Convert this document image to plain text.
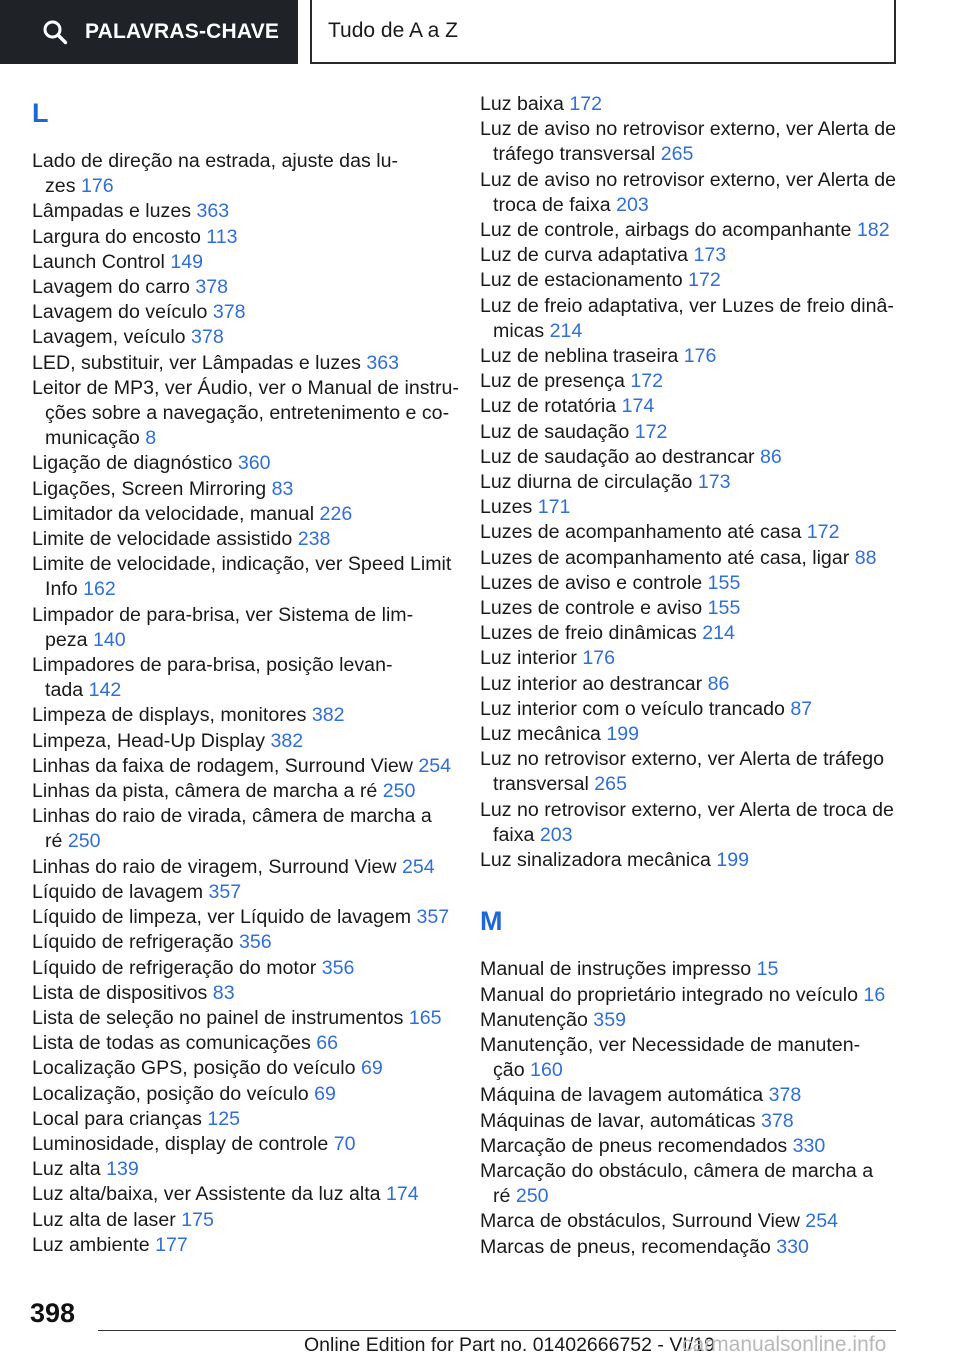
PALAVRAS-CHAVE Tudo de A a Z
L
Lado de direção na estrada, ajuste das lu-
zes 176
Lâmpadas e luzes 363
Largura do encosto 113
Launch Control 149
Lavagem do carro 378
Lavagem do veículo 378
Lavagem, veículo 378
LED, substituir, ver Lâmpadas e luzes 363
Leitor de MP3, ver Áudio, ver o Manual de instru-
ções sobre a navegação, entretenimento e co-
municação 8
Ligação de diagnóstico 360
Ligações, Screen Mirroring 83
Limitador da velocidade, manual 226
Limite de velocidade assistido 238
Limite de velocidade, indicação, ver Speed Limit
Info 162
Limpador de para-brisa, ver Sistema de lim-
peza 140
Limpadores de para-brisa, posição levan-
tada 142
Limpeza de displays, monitores 382
Limpeza, Head-Up Display 382
Linhas da faixa de rodagem, Surround View 254
Linhas da pista, câmera de marcha a ré 250
Linhas do raio de virada, câmera de marcha a
ré 250
Linhas do raio de viragem, Surround View 254
Líquido de lavagem 357
Líquido de limpeza, ver Líquido de lavagem 357
Líquido de refrigeração 356
Líquido de refrigeração do motor 356
Lista de dispositivos 83
Lista de seleção no painel de instrumentos 165
Lista de todas as comunicações 66
Localização GPS, posição do veículo 69
Localização, posição do veículo 69
Local para crianças 125
Luminosidade, display de controle 70
Luz alta 139
Luz alta/baixa, ver Assistente da luz alta 174
Luz alta de laser 175
Luz ambiente 177
Luz baixa 172
Luz de aviso no retrovisor externo, ver Alerta de
tráfego transversal 265
Luz de aviso no retrovisor externo, ver Alerta de
troca de faixa 203
Luz de controle, airbags do acompanhante 182
Luz de curva adaptativa 173
Luz de estacionamento 172
Luz de freio adaptativa, ver Luzes de freio dinâ-
micas 214
Luz de neblina traseira 176
Luz de presença 172
Luz de rotatória 174
Luz de saudação 172
Luz de saudação ao destrancar 86
Luz diurna de circulação 173
Luzes 171
Luzes de acompanhamento até casa 172
Luzes de acompanhamento até casa, ligar 88
Luzes de aviso e controle 155
Luzes de controle e aviso 155
Luzes de freio dinâmicas 214
Luz interior 176
Luz interior ao destrancar 86
Luz interior com o veículo trancado 87
Luz mecânica 199
Luz no retrovisor externo, ver Alerta de tráfego
transversal 265
Luz no retrovisor externo, ver Alerta de troca de
faixa 203
Luz sinalizadora mecânica 199
M
Manual de instruções impresso 15
Manual do proprietário integrado no veículo 16
Manutenção 359
Manutenção, ver Necessidade de manuten-
ção 160
Máquina de lavagem automática 378
Máquinas de lavar, automáticas 378
Marcação de pneus recomendados 330
Marcação do obstáculo, câmera de marcha a
ré 250
Marca de obstáculos, Surround View 254
Marcas de pneus, recomendação 330
398
Online Edition for Part no. 01402666752 - VI/19
carmanualsonline.info
